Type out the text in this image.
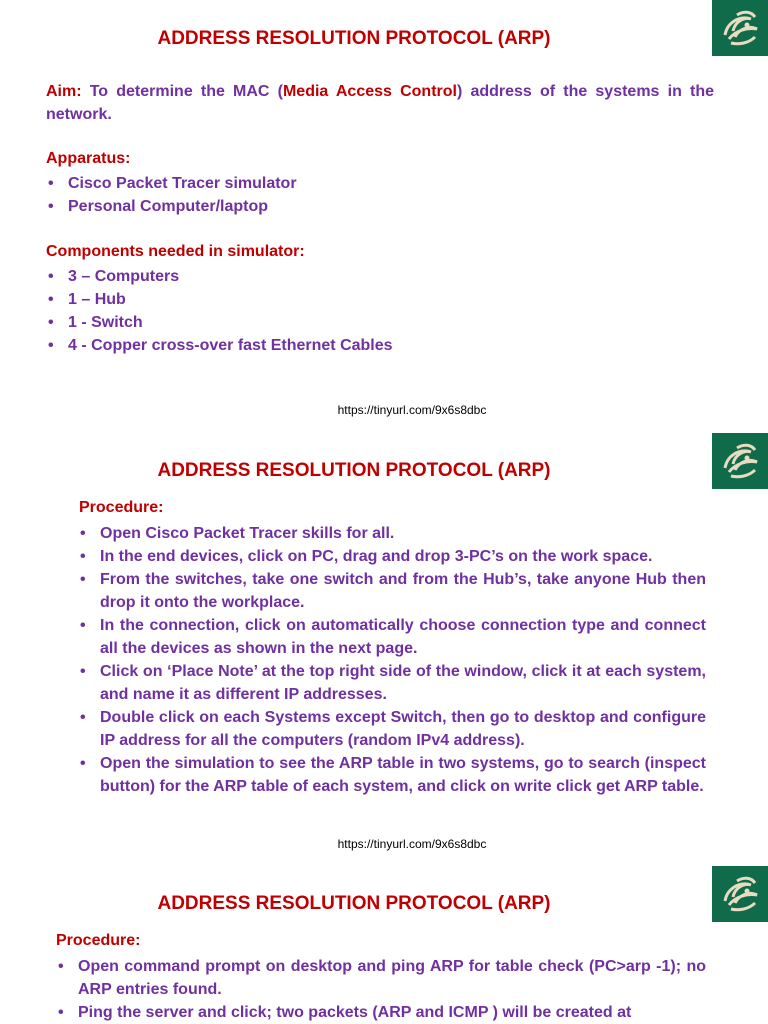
ADDRESS RESOLUTION PROTOCOL (ARP)
Aim: To determine the MAC (Media Access Control) address of the systems in the network.
Apparatus:
• Cisco Packet Tracer simulator
• Personal Computer/laptop
Components needed in simulator:
• 3 – Computers
• 1 – Hub
• 1 - Switch
• 4 - Copper cross-over fast Ethernet Cables
https://tinyurl.com/9x6s8dbc
ADDRESS RESOLUTION PROTOCOL (ARP)
Procedure:
• Open Cisco Packet Tracer skills for all.
• In the end devices, click on PC, drag and drop 3-PC’s on the work space.
• From the switches, take one switch and from the Hub’s, take anyone Hub then drop it onto the workplace.
• In the connection, click on automatically choose connection type and connect all the devices as shown in the next page.
• Click on ‘Place Note’ at the top right side of the window, click it at each system, and name it as different IP addresses.
• Double click on each Systems except Switch, then go to desktop and configure IP address for all the computers (random IPv4 address).
• Open the simulation to see the ARP table in two systems, go to search (inspect button) for the ARP table of each system, and click on write click get ARP table.
https://tinyurl.com/9x6s8dbc
ADDRESS RESOLUTION PROTOCOL (ARP)
Procedure:
• Open command prompt on desktop and ping ARP for table check (PC>arp -1); no ARP entries found.
• Ping the server and click; two packets (ARP and ICMP ) will be created at
